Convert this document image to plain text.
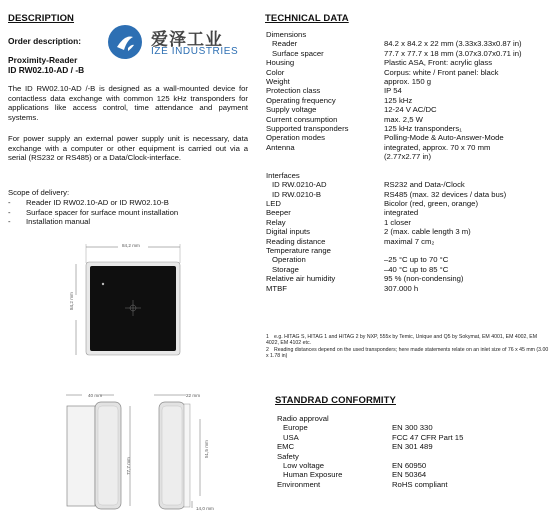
DESCRIPTION
Order description:
Proximity-Reader
ID RW02.10-AD / -B
爱泽工业
IZE INDUSTRIES
The ID RW02.10-AD /-B is designed as a wall-mounted device for contactless data exchange with common 125 kHz transponders for applications like access control, time attendance and payment systems.
For power supply an external power supply unit is necessary, data exchange with a computer or other equipment is carried out via a serial (RS232 or RS485) or a Data/Clock-interface.
Scope of delivery:
- Reader ID RW02.10-AD or ID RW02.10-B
- Surface spacer for surface mount installation
- Installation manual
84,2 mm
84,2 mm
40 mm
77,7 mm
22 mm
51,5 mm
14,0 mm
TECHNICAL DATA
Dimensions
Reader	84.2 x 84.2 x 22 mm (3.33x3.33x0.87 in)
Surface spacer	77.7 x 77.7 x 18 mm (3.07x3.07x0.71 in)
Housing	Plastic ASA, Front: acrylic glass
Color	Corpus: white / Front panel: black
Weight	approx. 150 g
Protection class	IP 54
Operating frequency	125 kHz
Supply voltage	12-24 V AC/DC
Current consumption	max. 2,5 W
Supported transponders	125 kHz transponders₁
Operation modes	Polling-Mode & Auto-Answer-Mode
Antenna	integrated, approx. 70 x 70 mm
(2.77x2.77 in)
Interfaces
ID RW.0210-AD	RS232 and Data-/Clock
ID RW.0210-B	RS485 (max. 32 devices / data bus)
LED	Bicolor (red, green, orange)
Beeper	integrated
Relay	1 closer
Digital inputs	2 (max. cable length 3 m)
Reading distance	maximal 7 cm₂
Temperature range
Operation	–25 °C up to 70 °C
Storage	–40 °C up to 85 °C
Relative air humidity	95 % (non-condensing)
MTBF	307.000 h
1 e.g. HITAG S, HITAG 1 and HITAG 2 by NXP, 555x by Temic, Unique and Q5 by Sokymat, EM 4001, EM 4002, EM 4022, EM 4102 etc.
2 Reading distances depend on the used transponders; here made statements relate on an inlet size of 76 x 45 mm (3.00 x 1.78 in)
STANDRAD CONFORMITY
Radio approval
Europe	EN 300 330
USA	FCC 47 CFR Part 15
EMC	EN 301 489
Safety
Low voltage	EN 60950
Human Exposure	EN 50364
Environment	RoHS compliant
